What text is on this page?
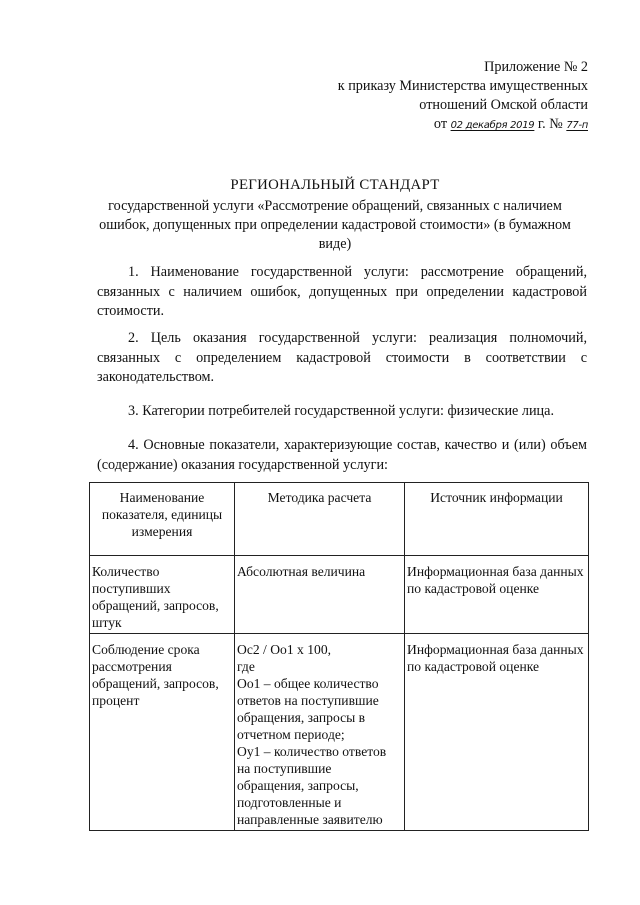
Приложение № 2
к приказу Министерства имущественных
отношений Омской области
от 02 декабря 2019 г. № 77-п
РЕГИОНАЛЬНЫЙ СТАНДАРТ
государственной услуги «Рассмотрение обращений, связанных с наличием ошибок, допущенных при определении кадастровой стоимости» (в бумажном виде)
1. Наименование государственной услуги: рассмотрение обращений, связанных с наличием ошибок, допущенных при определении кадастровой стоимости.
2. Цель оказания государственной услуги: реализация полномочий, связанных с определением кадастровой стоимости в соответствии с законодательством.
3. Категории потребителей государственной услуги: физические лица.
4. Основные показатели, характеризующие состав, качество и (или) объем (содержание) оказания государственной услуги:
Наименование показателя, единицы измерения	Методика расчета	Источник информации
Количество поступивших обращений, запросов, штук	Абсолютная величина	Информационная база данных по кадастровой оценке
Соблюдение срока рассмотрения обращений, запросов, процент	Ос2 / Оо1 х 100,
где
Оо1 – общее количество ответов на поступившие обращения, запросы в отчетном периоде;
Оу1 – количество ответов на поступившие обращения, запросы, подготовленные и направленные заявителю	Информационная база данных по кадастровой оценке
